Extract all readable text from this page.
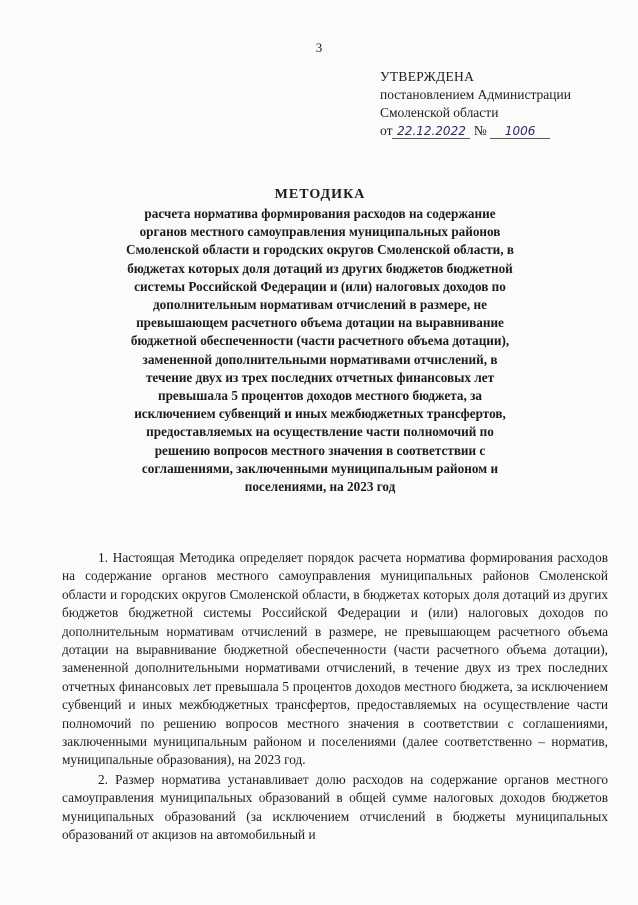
3
УТВЕРЖДЕНА
постановлением Администрации
Смоленской области
от 22.12.2022 № 1006
МЕТОДИКА
расчета норматива формирования расходов на содержание органов местного самоуправления муниципальных районов Смоленской области и городских округов Смоленской области, в бюджетах которых доля дотаций из других бюджетов бюджетной системы Российской Федерации и (или) налоговых доходов по дополнительным нормативам отчислений в размере, не превышающем расчетного объема дотации на выравнивание бюджетной обеспеченности (части расчетного объема дотации), замененной дополнительными нормативами отчислений, в течение двух из трех последних отчетных финансовых лет превышала 5 процентов доходов местного бюджета, за исключением субвенций и иных межбюджетных трансфертов, предоставляемых на осуществление части полномочий по решению вопросов местного значения в соответствии с соглашениями, заключенными муниципальным районом и поселениями, на 2023 год

1. Настоящая Методика определяет порядок расчета норматива формирования расходов на содержание органов местного самоуправления муниципальных районов Смоленской области и городских округов Смоленской области, в бюджетах которых доля дотаций из других бюджетов бюджетной системы Российской Федерации и (или) налоговых доходов по дополнительным нормативам отчислений в размере, не превышающем расчетного объема дотации на выравнивание бюджетной обеспеченности (части расчетного объема дотации), замененной дополнительными нормативами отчислений, в течение двух из трех последних отчетных финансовых лет превышала 5 процентов доходов местного бюджета, за исключением субвенций и иных межбюджетных трансфертов, предоставляемых на осуществление части полномочий по решению вопросов местного значения в соответствии с соглашениями, заключенными муниципальным районом и поселениями (далее соответственно – норматив, муниципальные образования), на 2023 год.

2. Размер норматива устанавливает долю расходов на содержание органов местного самоуправления муниципальных образований в общей сумме налоговых доходов бюджетов муниципальных образований (за исключением отчислений в бюджеты муниципальных образований от акцизов на автомобильный и
